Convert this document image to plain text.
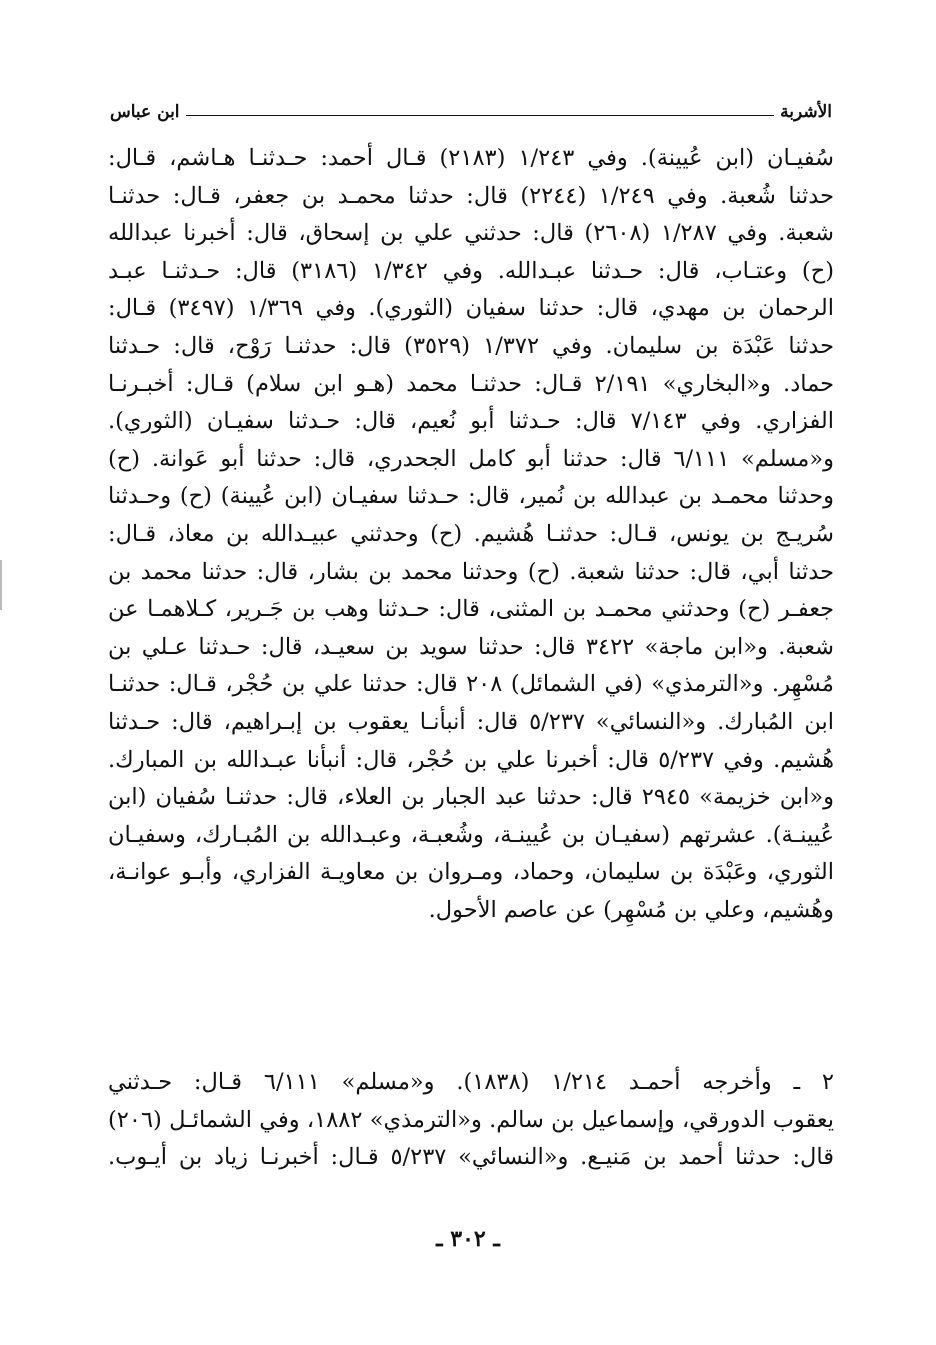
الأشربة
ابن عباس
سُفيـان (ابن عُيينة). وفي ١/٢٤٣ (٢١٨٣) قـال أحمد: حـدثنـا هـاشم، قـال:
حدثنا شُعبة. وفي ١/٢٤٩ (٢٢٤٤) قال: حدثنا محمـد بن جعفر، قـال: حدثنـا
شعبة. وفي ١/٢٨٧ (٢٦٠٨) قال: حدثني علي بن إسحاق، قال: أخبرنا عبدالله
(ح) وعتـاب، قال: حـدثنا عبـدالله. وفي ١/٣٤٢ (٣١٨٦) قال: حـدثنـا عبـد
الرحمان بن مهدي، قال: حدثنا سفيان (الثوري). وفي ١/٣٦٩ (٣٤٩٧) قـال:
حدثنا عَبْدَة بن سليمان. وفي ١/٣٧٢ (٣٥٢٩) قال: حدثنـا رَوْح، قال: حـدثنا
حماد. و«البخاري» ٢/١٩١ قـال: حدثنـا محمد (هـو ابن سلام) قـال: أخبـرنـا
الفزاري. وفي ٧/١٤٣ قال: حـدثنا أبو نُعيم، قال: حـدثنا سفيـان (الثوري).
و«مسلم» ٦/١١١ قال: حدثنا أبو كامل الجحدري، قال: حدثنا أبو عَوانة. (ح)
وحدثنا محمـد بن عبدالله بن نُمير، قال: حـدثنا سفيـان (ابن عُيينة) (ح) وحـدثنا
سُريـج بن يونس، قـال: حدثنـا هُشيم. (ح) وحدثني عبيـدالله بن معاذ، قـال:
حدثنا أبي، قال: حدثنا شعبة. (ح) وحدثنا محمد بن بشار، قال: حدثنا محمد بن
جعفـر (ح) وحدثني محمـد بن المثنى، قال: حـدثنا وهب بن جَـرير، كـلاهمـا عن
شعبة. و«ابن ماجة» ٣٤٢٢ قال: حدثنا سويد بن سعيـد، قال: حـدثنا عـلي بن
مُسْهِر. و«الترمذي» (في الشمائل) ٢٠٨ قال: حدثنا علي بن حُجْر، قـال: حدثنـا
ابن المُبارك. و«النسائي» ٥/٢٣٧ قال: أنبأنـا يعقوب بن إبـراهيم، قال: حـدثنا
هُشيم. وفي ٥/٢٣٧ قال: أخبرنا علي بن حُجْر، قال: أنبأنا عبـدالله بن المبارك.
و«ابن خزيمة» ٢٩٤٥ قال: حدثنا عبد الجبار بن العلاء، قال: حدثنـا سُفيان (ابن
عُيينـة). عشرتهم (سفيـان بن عُيينـة، وشُعبـة، وعبـدالله بن المُبـارك، وسفيـان
الثوري، وعَبْدَة بن سليمان، وحماد، ومـروان بن معاويـة الفزاري، وأبـو عوانـة،
وهُشيم، وعلي بن مُسْهِر) عن عاصم الأحول.
٢ ـ وأخرجه أحمـد ١/٢١٤ (١٨٣٨). و«مسلم» ٦/١١١ قـال: حـدثني
يعقوب الدورقي، وإسماعيل بن سالم. و«الترمذي» ١٨٨٢، وفي الشمائـل (٢٠٦)
قال: حدثنا أحمد بن مَنيـع. و«النسائي» ٥/٢٣٧ قـال: أخبرنـا زياد بن أيـوب.
ـ ٣٠٢ ـ
